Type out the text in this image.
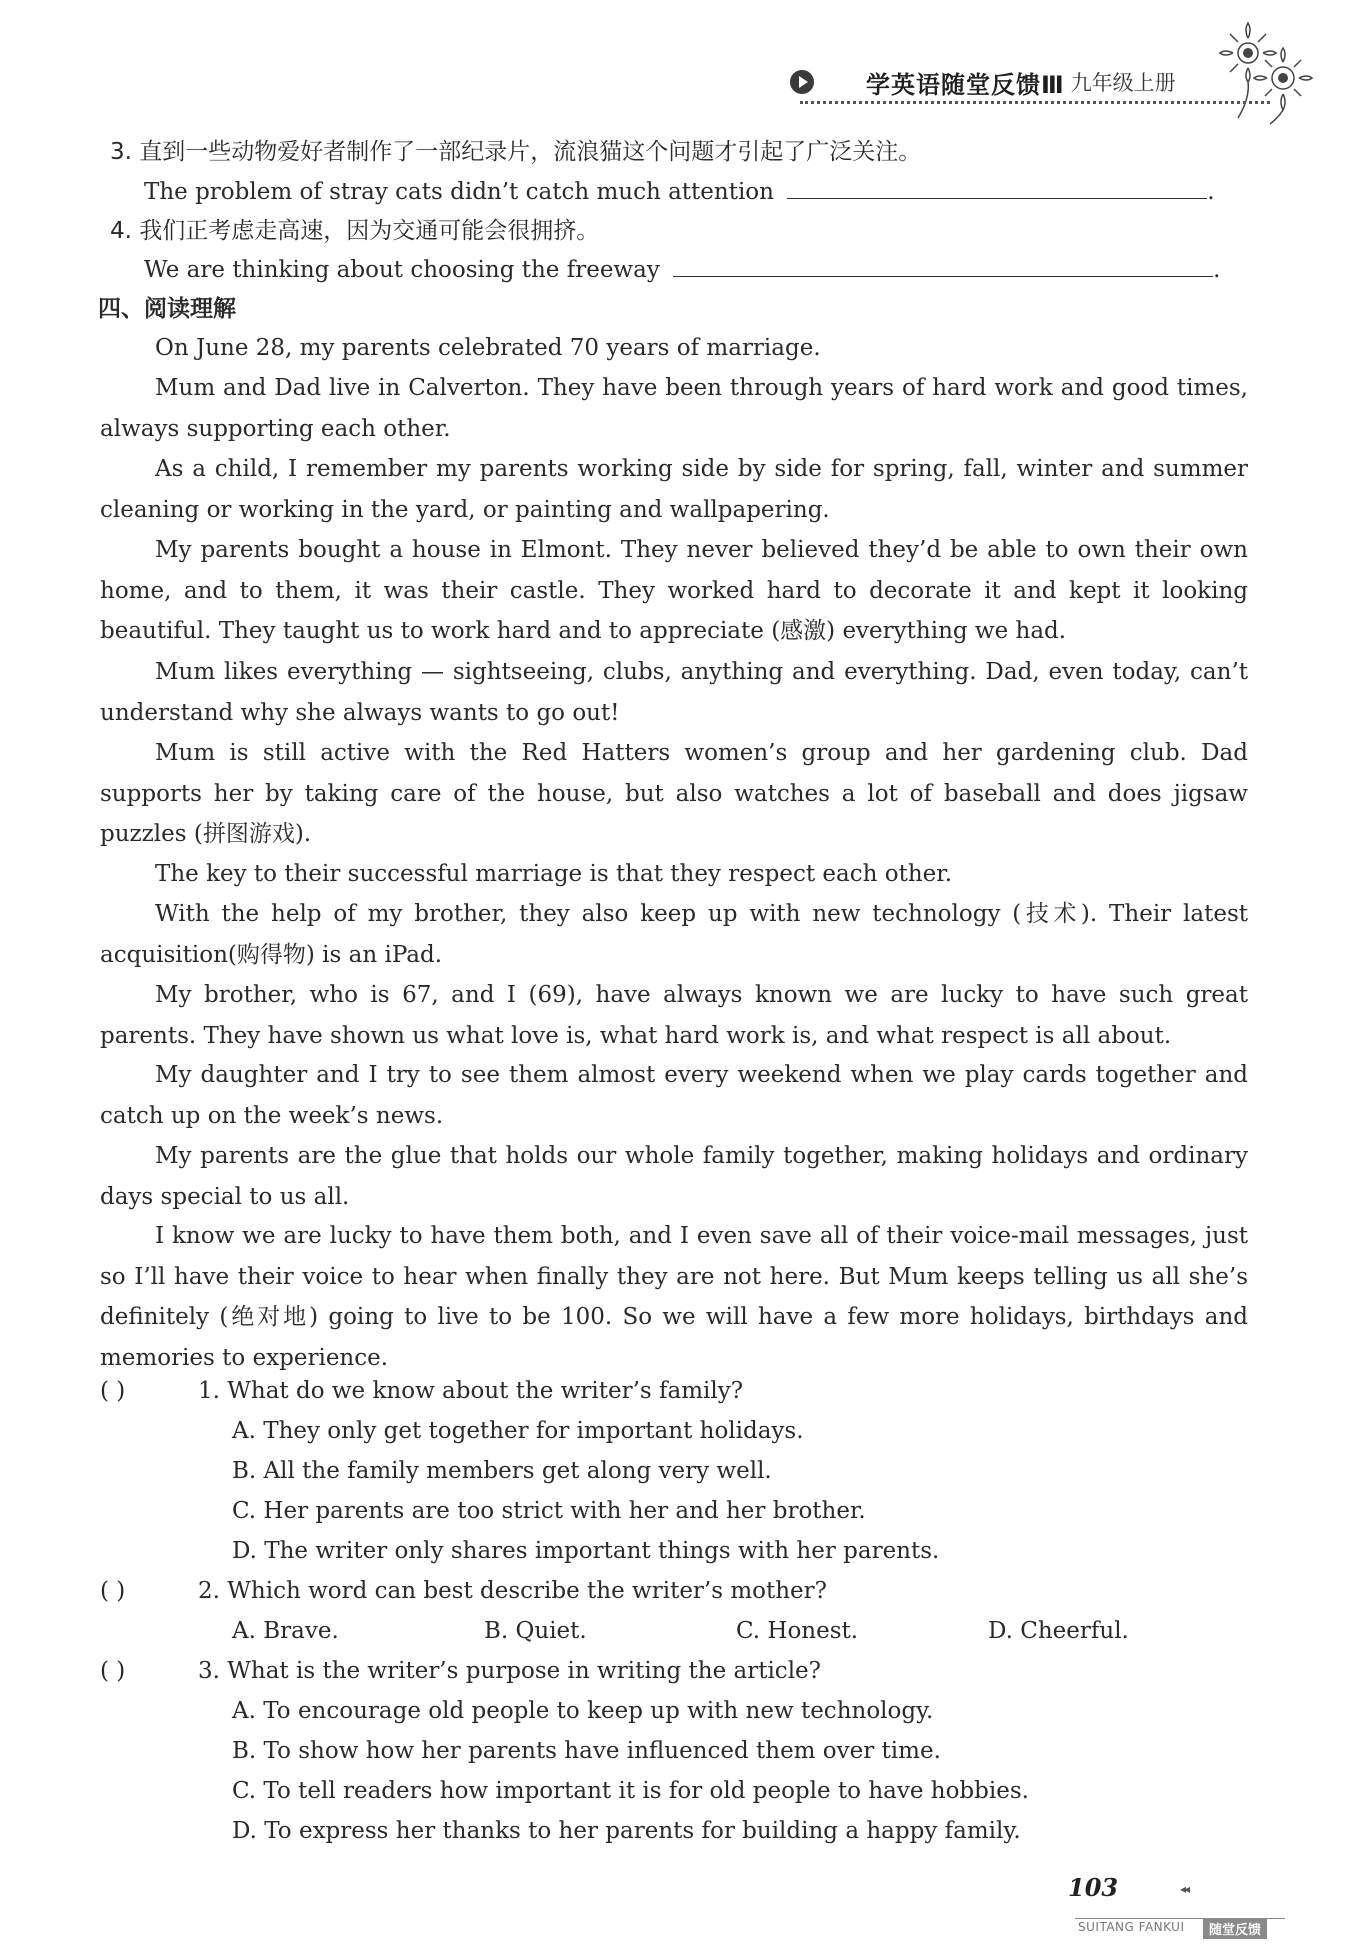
学英语随堂反馈Ⅲ 九年级上册
3. 直到一些动物爱好者制作了一部纪录片，流浪猫这个问题才引起了广泛关注。
The problem of stray cats didn’t catch much attention	.
4. 我们正考虑走高速，因为交通可能会很拥挤。
We are thinking about choosing the freeway	.
四、阅读理解
On June 28, my parents celebrated 70 years of marriage.
Mum and Dad live in Calverton. They have been through years of hard work and good times, always supporting each other.
As a child, I remember my parents working side by side for spring, fall, winter and summer cleaning or working in the yard, or painting and wallpapering.
My parents bought a house in Elmont. They never believed they’d be able to own their own home, and to them, it was their castle. They worked hard to decorate it and kept it looking beautiful. They taught us to work hard and to appreciate (感激) everything we had.
Mum likes everything — sightseeing, clubs, anything and everything. Dad, even today, can’t understand why she always wants to go out!
Mum is still active with the Red Hatters women’s group and her gardening club. Dad supports her by taking care of the house, but also watches a lot of baseball and does jigsaw puzzles (拼图游戏).
The key to their successful marriage is that they respect each other.
With the help of my brother, they also keep up with new technology (技术). Their latest acquisition(购得物) is an iPad.
My brother, who is 67, and I (69), have always known we are lucky to have such great parents. They have shown us what love is, what hard work is, and what respect is all about.
My daughter and I try to see them almost every weekend when we play cards together and catch up on the week’s news.
My parents are the glue that holds our whole family together, making holidays and ordinary days special to us all.
I know we are lucky to have them both, and I even save all of their voice-mail messages, just so I’ll have their voice to hear when finally they are not here. But Mum keeps telling us all she’s definitely (绝对地) going to live to be 100. So we will have a few more holidays, birthdays and memories to experience.
( )	1. What do we know about the writer’s family?
A. They only get together for important holidays.
B. All the family members get along very well.
C. Her parents are too strict with her and her brother.
D. The writer only shares important things with her parents.
( )	2. Which word can best describe the writer’s mother?
A. Brave.	B. Quiet.	C. Honest.	D. Cheerful.
( )	3. What is the writer’s purpose in writing the article?
A. To encourage old people to keep up with new technology.
B. To show how her parents have influenced them over time.
C. To tell readers how important it is for old people to have hobbies.
D. To express her thanks to her parents for building a happy family.
103	◂◂
SUITANG FANKUI	随堂反馈
